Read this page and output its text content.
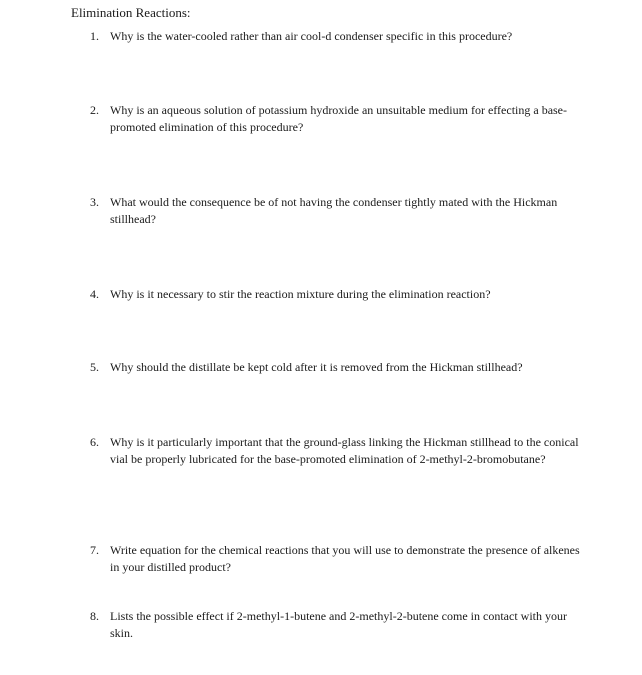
Elimination Reactions:
1. Why is the water-cooled rather than air cool-d condenser specific in this procedure?
2. Why is an aqueous solution of potassium hydroxide an unsuitable medium for effecting a base-promoted elimination of this procedure?
3. What would the consequence be of not having the condenser tightly mated with the Hickman stillhead?
4. Why is it necessary to stir the reaction mixture during the elimination reaction?
5. Why should the distillate be kept cold after it is removed from the Hickman stillhead?
6. Why is it particularly important that the ground-glass linking the Hickman stillhead to the conical vial be properly lubricated for the base-promoted elimination of 2-methyl-2-bromobutane?
7. Write equation for the chemical reactions that you will use to demonstrate the presence of alkenes in your distilled product?
8. Lists the possible effect if 2-methyl-1-butene and 2-methyl-2-butene come in contact with your skin.
